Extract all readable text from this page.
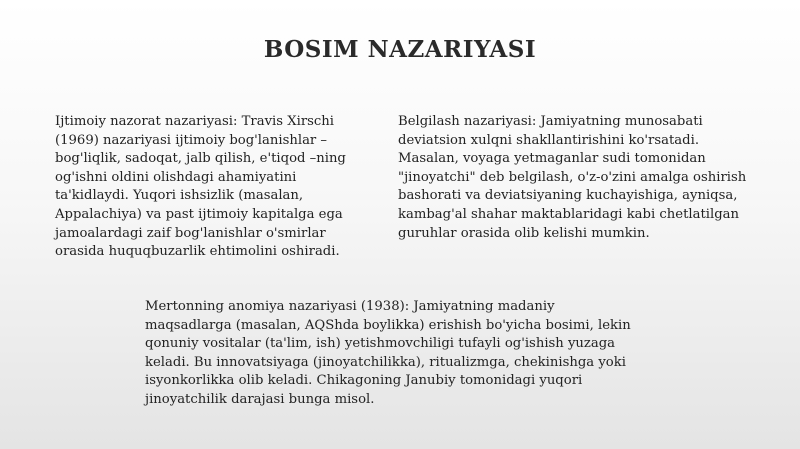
BOSIM NAZARIYASI
Ijtimoiy nazorat nazariyasi: Travis Xirschi (1969) nazariyasi ijtimoiy bog'lanishlar – bog'liqlik, sadoqat, jalb qilish, e'tiqod –ning og'ishni oldini olishdagi ahamiyatini ta'kidlaydi. Yuqori ishsizlik (masalan, Appalachiya) va past ijtimoiy kapitalga ega jamoalardagi zaif bog'lanishlar o'smirlar orasida huquqbuzarlik ehtimolini oshiradi.
Belgilash nazariyasi: Jamiyatning munosabati deviatsion xulqni shakllantirishini ko'rsatadi. Masalan, voyaga yetmaganlar sudi tomonidan "jinoyatchi" deb belgilash, o'z-o'zini amalga oshirish bashorati va deviatsiyaning kuchayishiga, ayniqsa, kambag'al shahar maktablaridagi kabi chetlatilgan guruhlar orasida olib kelishi mumkin.
Mertonning anomiya nazariyasi (1938): Jamiyatning madaniy maqsadlarga (masalan, AQShda boylikka) erishish bo'yicha bosimi, lekin qonuniy vositalar (ta'lim, ish) yetishmovchiligi tufayli og'ishish yuzaga keladi. Bu innovatsiyaga (jinoyatchilikka), ritualizmga, chekinishga yoki isyonkorlikka olib keladi. Chikagoning Janubiy tomonidagi yuqori jinoyatchilik darajasi bunga misol.
